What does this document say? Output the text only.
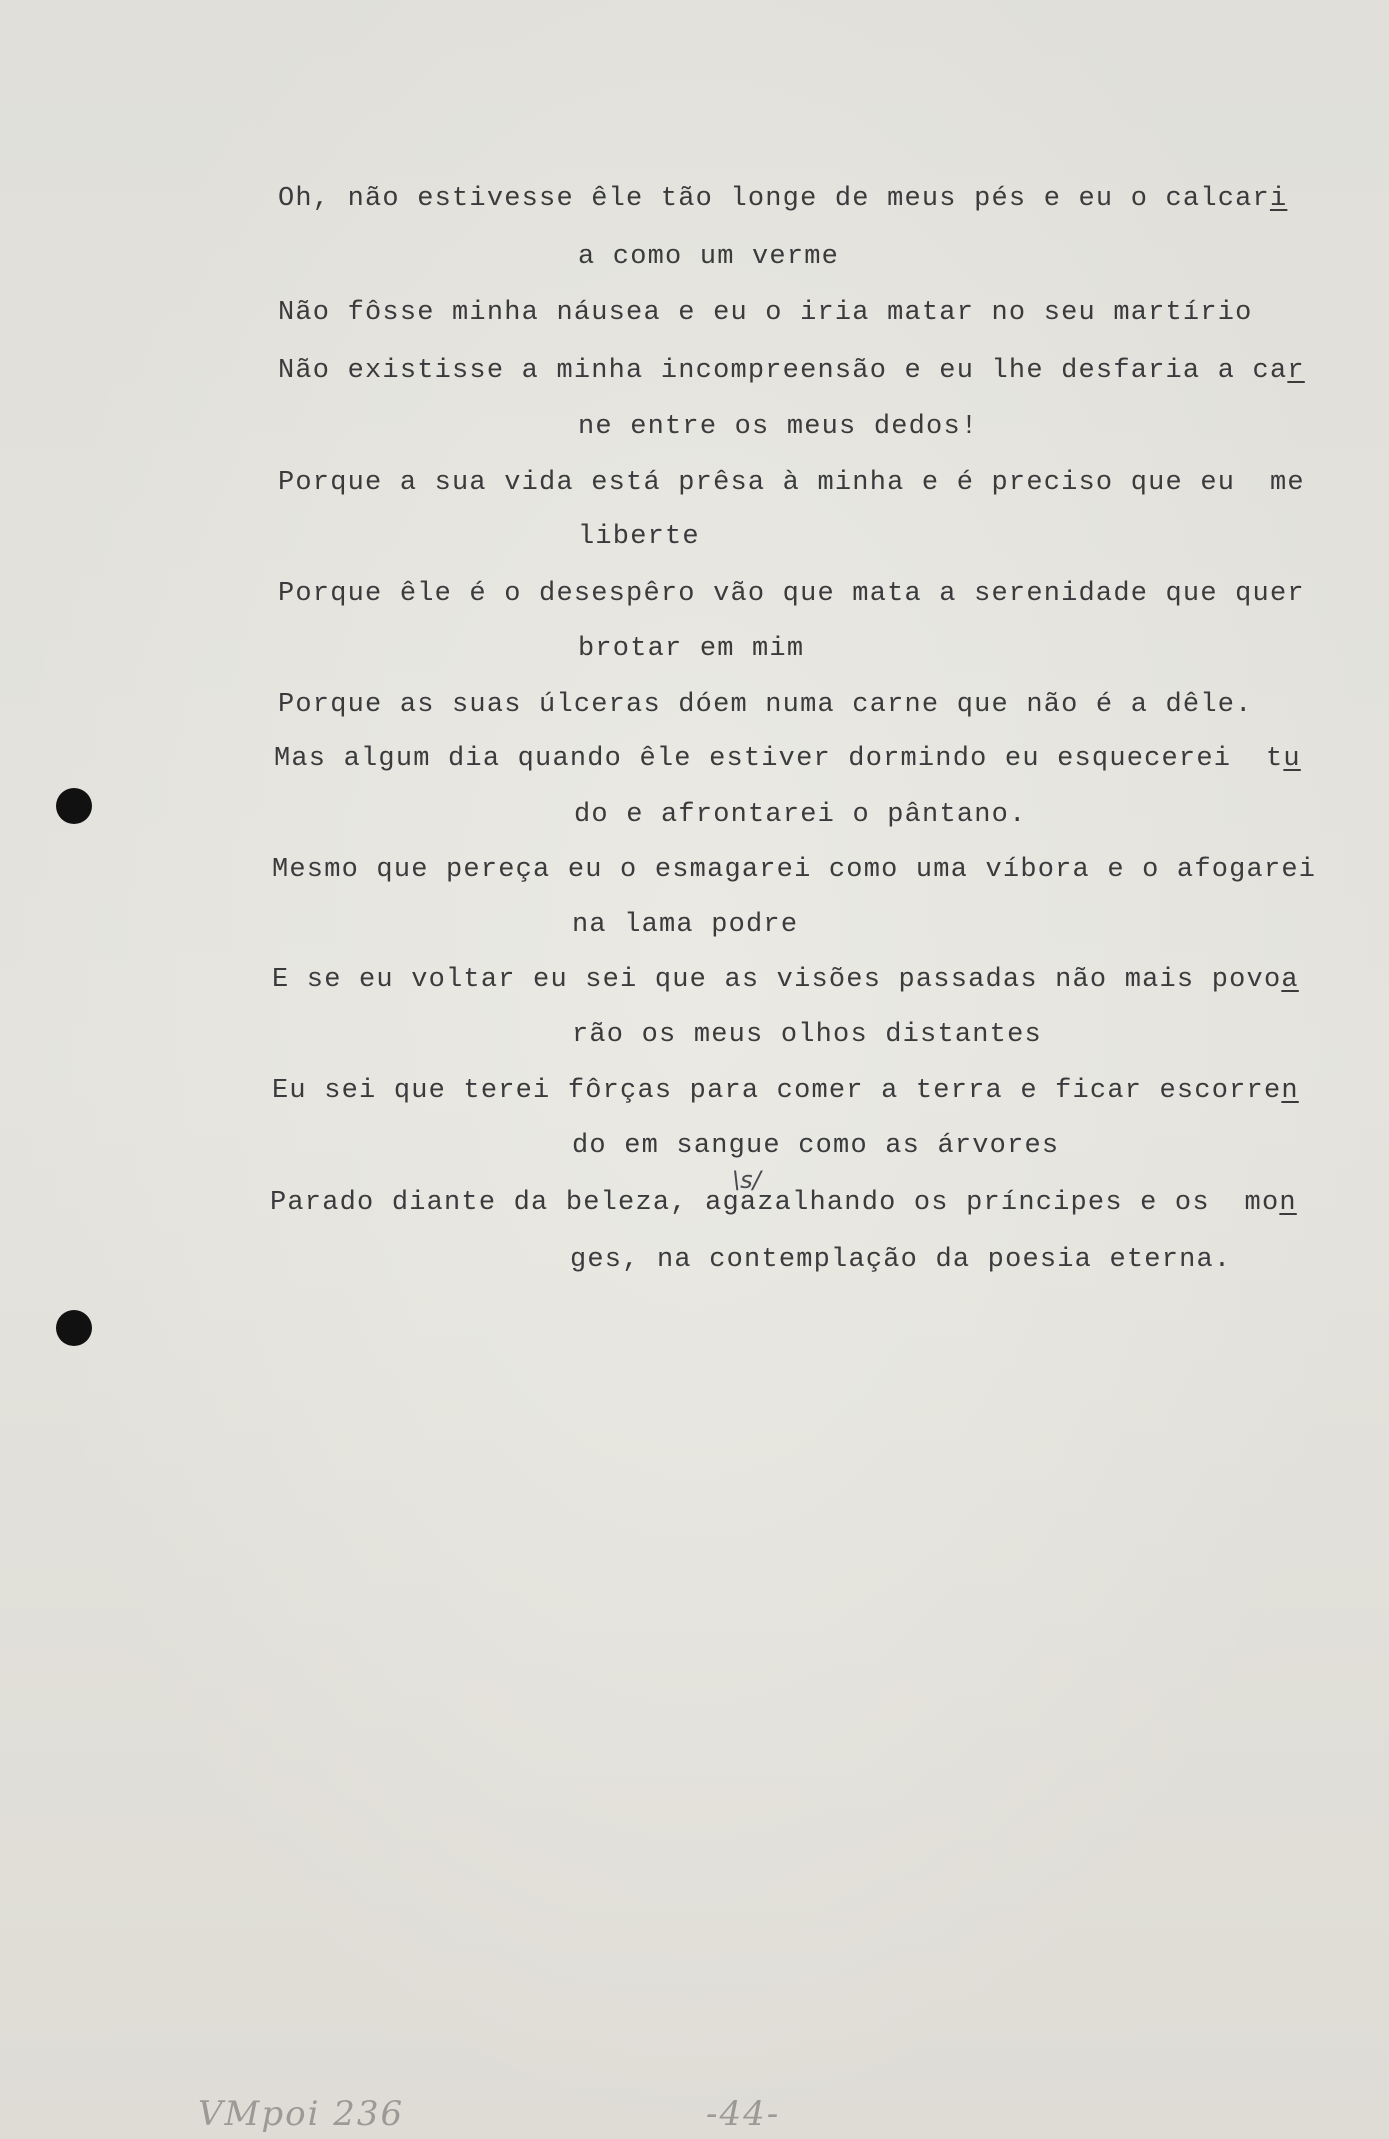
Oh, não estivesse êle tão longe de meus pés e eu o calcari
a como um verme
Não fôsse minha náusea e eu o iria matar no seu martírio
Não existisse a minha incompreensão e eu lhe desfaria a car
ne entre os meus dedos!
Porque a sua vida está prêsa à minha e é preciso que eu  me
liberte
Porque êle é o desespêro vão que mata a serenidade que quer
brotar em mim
Porque as suas úlceras dóem numa carne que não é a dêle.
Mas algum dia quando êle estiver dormindo eu esquecerei  tu
do e afrontarei o pântano.
Mesmo que pereça eu o esmagarei como uma víbora e o afogarei
na lama podre
E se eu voltar eu sei que as visões passadas não mais povoa
rão os meus olhos distantes
Eu sei que terei fôrças para comer a terra e ficar escorren
do em sangue como as árvores
Parado diante da beleza, agazalhando os príncipes e os  mon
ges, na contemplação da poesia eterna.
\s/
VMpoi 236	-44-
